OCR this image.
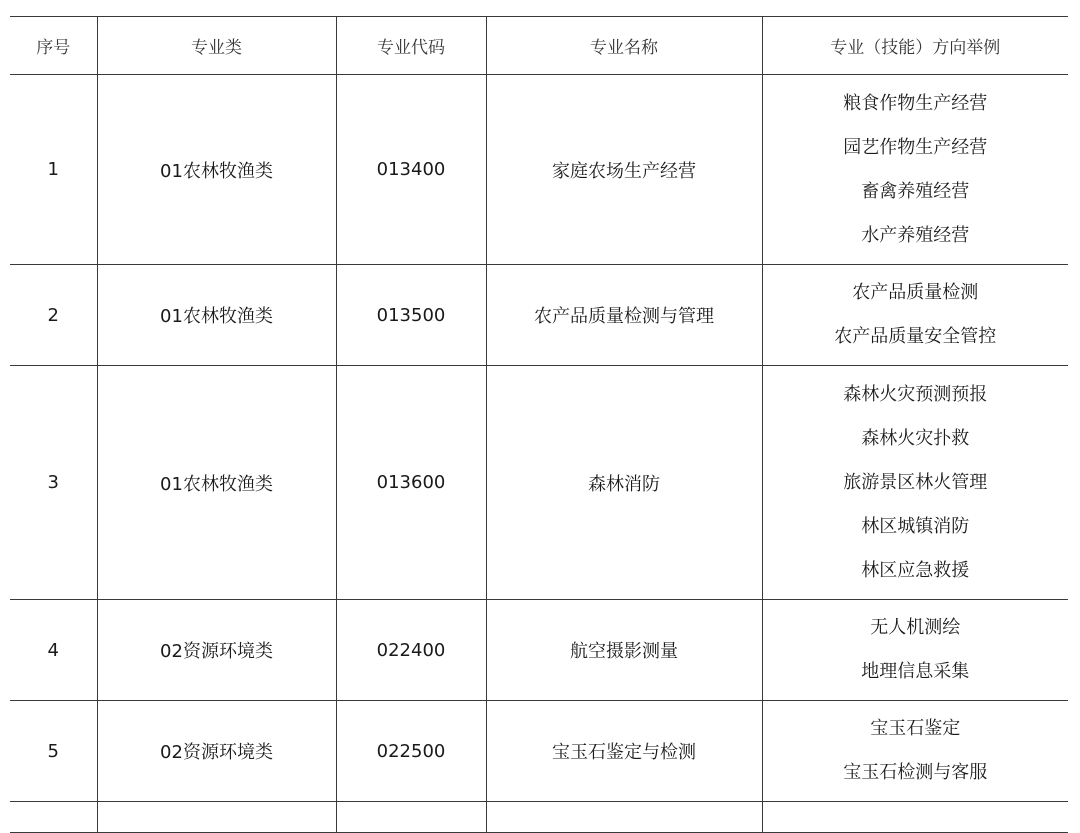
序号	专业类	专业代码	专业名称	专业（技能）方向举例
1	01农林牧渔类	013400	家庭农场生产经营	粮食作物生产经营
园艺作物生产经营
畜禽养殖经营
水产养殖经营

2	01农林牧渔类	013500	农产品质量检测与管理	农产品质量检测
农产品质量安全管控

3	01农林牧渔类	013600	森林消防	森林火灾预测预报
森林火灾扑救
旅游景区林火管理
林区城镇消防
林区应急救援

4	02资源环境类	022400	航空摄影测量	无人机测绘
地理信息采集

5	02资源环境类	022500	宝玉石鉴定与检测	宝玉石鉴定
宝玉石检测与客服
